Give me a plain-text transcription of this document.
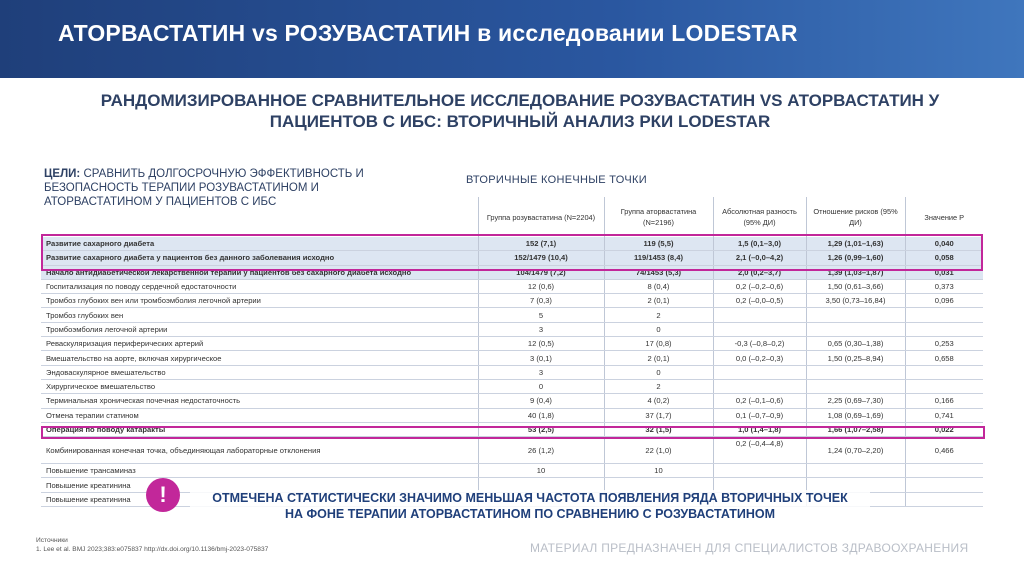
АТОРВАСТАТИН vs РОЗУВАСТАТИН в исследовании LODESTAR
РАНДОМИЗИРОВАННОЕ СРАВНИТЕЛЬНОЕ ИССЛЕДОВАНИЕ РОЗУВАСТАТИН VS АТОРВАСТАТИН У ПАЦИЕНТОВ С ИБС: ВТОРИЧНЫЙ АНАЛИЗ РКИ LODESTAR
ЦЕЛИ: СРАВНИТЬ ДОЛГОСРОЧНУЮ ЭФФЕКТИВНОСТЬ И БЕЗОПАСНОСТЬ ТЕРАПИИ РОЗУВАСТАТИНОМ И АТОРВАСТАТИНОМ У ПАЦИЕНТОВ С ИБС
ВТОРИЧНЫЕ КОНЕЧНЫЕ ТОЧКИ
	Группа розувастатина (N=2204)	Группа аторвастатина (N=2196)	Абсолютная разность (95% ДИ)	Отношение рисков (95% ДИ)	Значение Р
Развитие сахарного диабета	152 (7,1)	119 (5,5)	1,5 (0,1–3,0)	1,29 (1,01–1,63)	0,040
Развитие сахарного диабета у пациентов без данного заболевания исходно	152/1479 (10,4)	119/1453 (8,4)	2,1 (–0,0–4,2)	1,26 (0,99–1,60)	0,058
Начало антидиабетической лекарственной терапии у пациентов без сахарного диабета исходно	104/1479 (7,2)	74/1453 (5,3)	2,0 (0,2–3,7)	1,39 (1,03–1,87)	0,031
Госпитализация по поводу сердечной едостаточности	12 (0,6)	8 (0,4)	0,2 (–0,2–0,6)	1,50 (0,61–3,66)	0,373
Тромбоз глубоких вен или тромбоэмболия легочной артерии	7 (0,3)	2 (0,1)	0,2 (–0,0–0,5)	3,50 (0,73–16,84)	0,096
Тромбоз глубоких вен	5	2			
Тромбоэмболия легочной артерии	3	0			
Реваскуляризация периферических артерий	12 (0,5)	17 (0,8)	-0,3 (–0,8–0,2)	0,65 (0,30–1,38)	0,253
Вмешательство на аорте, включая хирургическое	3 (0,1)	2 (0,1)	0,0 (–0,2–0,3)	1,50 (0,25–8,94)	0,658
Эндоваскулярное вмешательство	3	0			
Хирургическое вмешательство	0	2			
Терминальная хроническая почечная недостаточность	9 (0,4)	4 (0,2)	0,2 (–0,1–0,6)	2,25 (0,69–7,30)	0,166
Отмена терапии статином	40 (1,8)	37 (1,7)	0,1 (–0,7–0,9)	1,08 (0,69–1,69)	0,741
Операция по поводу катаракты	53 (2,5)	32 (1,5)	1,0 (1,4–1,8)	1,66 (1,07–2,58)	0,022
Комбинированная конечная точка, объединяющая лабораторные отклонения	26 (1,2)	22 (1,0)	0,2 (–0,4–4,8)	1,24 (0,70–2,20)	0,466
Повышение трансаминаз	10	10			
Повышение креатинина					
Повышение креатинина						!	ОТМЕЧЕНА СТАТИСТИЧЕСКИ ЗНАЧИМО МЕНЬШАЯ ЧАСТОТА ПОЯВЛЕНИЯ РЯДА ВТОРИЧНЫХ ТОЧЕК
НА ФОНЕ ТЕРАПИИ АТОРВАСТАТИНОМ ПО СРАВНЕНИЮ С РОЗУВАСТАТИНОМ
Источники
1. Lee et al. BMJ 2023;383:e075837 http://dx.doi.org/10.1136/bmj-2023-075837	МАТЕРИАЛ ПРЕДНАЗНАЧЕН ДЛЯ СПЕЦИАЛИСТОВ ЗДРАВООХРАНЕНИЯ
